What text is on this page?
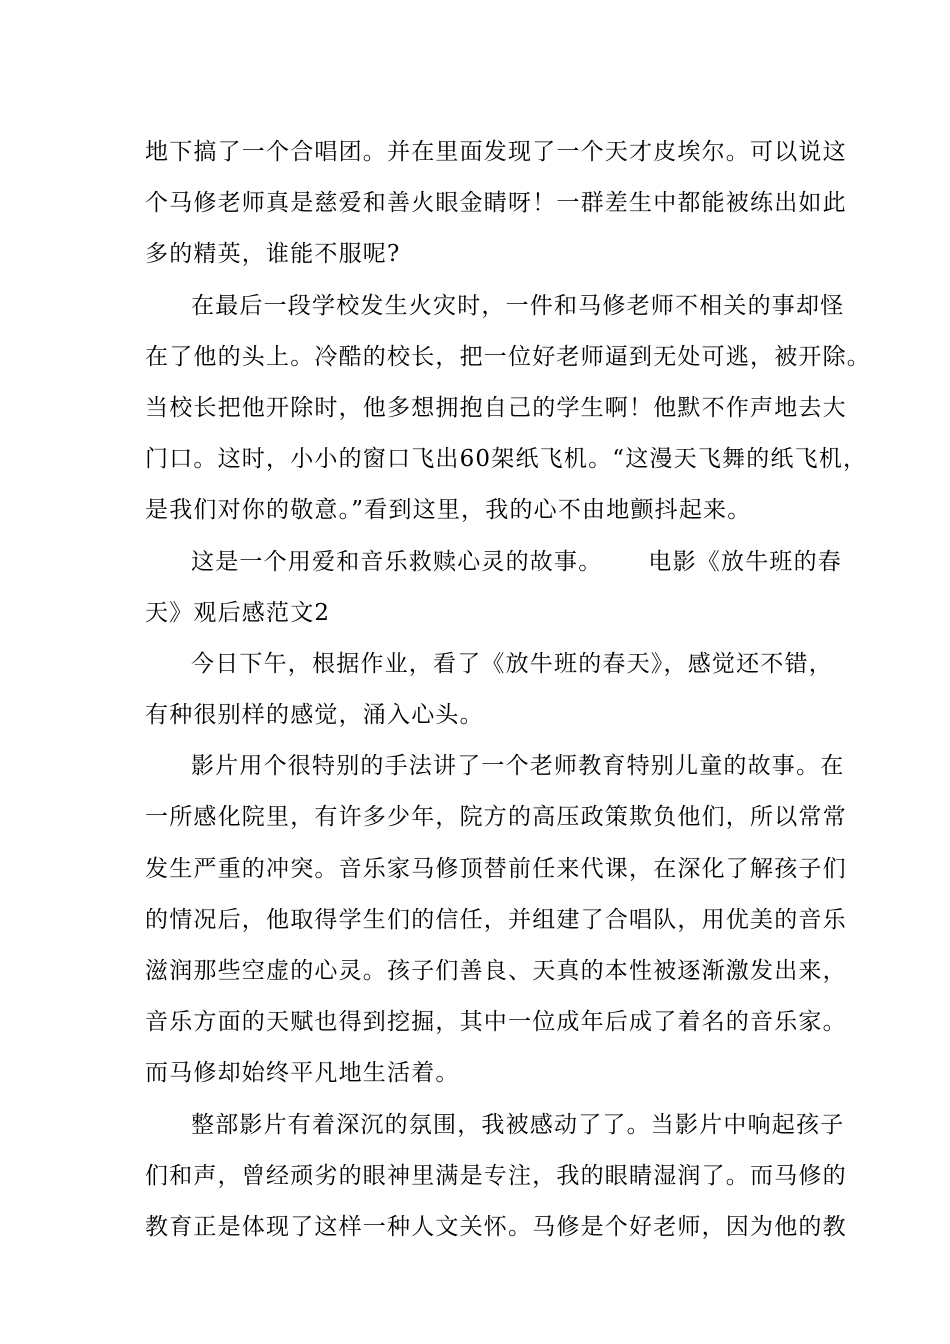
地下搞了一个合唱团。并在里面发现了一个天才皮埃尔。可以说这
个马修老师真是慈爱和善火眼金睛呀！一群差生中都能被练出如此
多的精英，谁能不服呢?
在最后一段学校发生火灾时，一件和马修老师不相关的事却怪
在了他的头上。冷酷的校长，把一位好老师逼到无处可逃，被开除。
当校长把他开除时，他多想拥抱自己的学生啊！他默不作声地去大
门口。这时，小小的窗口飞出60架纸飞机。“这漫天飞舞的纸飞机，
是我们对你的敬意。”看到这里，我的心不由地颤抖起来。
这是一个用爱和音乐救赎心灵的故事。 电影《放牛班的春
天》观后感范文2
今日下午，根据作业，看了《放牛班的春天》，感觉还不错，
有种很别样的感觉，涌入心头。
影片用个很特别的手法讲了一个老师教育特别儿童的故事。在
一所感化院里，有许多少年，院方的高压政策欺负他们，所以常常
发生严重的冲突。音乐家马修顶替前任来代课，在深化了解孩子们
的情况后，他取得学生们的信任，并组建了合唱队，用优美的音乐
滋润那些空虚的心灵。孩子们善良、天真的本性被逐渐激发出来，
音乐方面的天赋也得到挖掘，其中一位成年后成了着名的音乐家。
而马修却始终平凡地生活着。
整部影片有着深沉的氛围，我被感动了了。当影片中响起孩子
们和声，曾经顽劣的眼神里满是专注，我的眼睛湿润了。而马修的
教育正是体现了这样一种人文关怀。马修是个好老师，因为他的教
